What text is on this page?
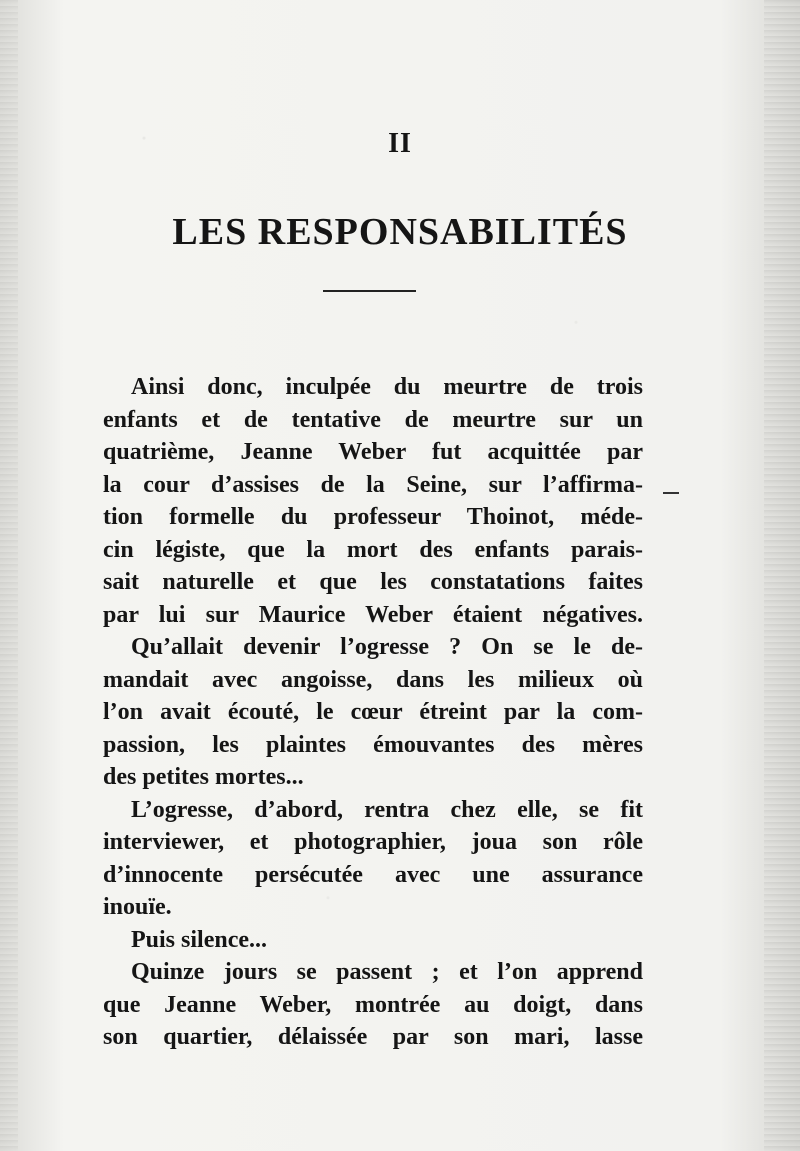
II
LES RESPONSABILITÉS
Ainsi donc, inculpée du meurtre de trois
enfants et de tentative de meurtre sur un
quatrième, Jeanne Weber fut acquittée par
la cour d’assises de la Seine, sur l’affirma-
tion formelle du professeur Thoinot, méde-
cin légiste, que la mort des enfants parais-
sait naturelle et que les constatations faites
par lui sur Maurice Weber étaient négatives.
Qu’allait devenir l’ogresse ? On se le de-
mandait avec angoisse, dans les milieux où
l’on avait écouté, le cœur étreint par la com-
passion, les plaintes émouvantes des mères
des petites mortes...
L’ogresse, d’abord, rentra chez elle, se fit
interviewer, et photographier, joua son rôle
d’innocente persécutée avec une assurance
inouïe.
Puis silence...
Quinze jours se passent ; et l’on apprend
que Jeanne Weber, montrée au doigt, dans
son quartier, délaissée par son mari, lasse
